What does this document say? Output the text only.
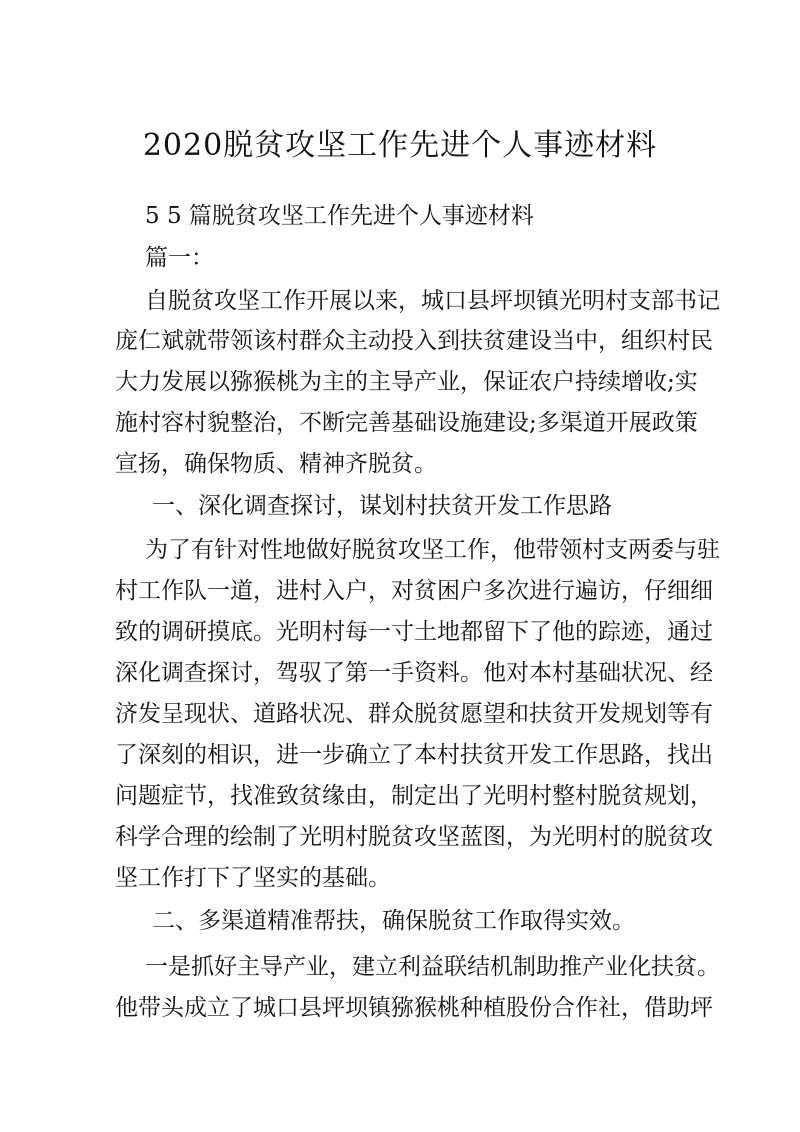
2020脱贫攻坚工作先进个人事迹材料
5 5 篇脱贫攻坚工作先进个人事迹材料
篇一：
自脱贫攻坚工作开展以来，城口县坪坝镇光明村支部书记
庞仁斌就带领该村群众主动投入到扶贫建设当中，组织村民
大力发展以猕猴桃为主的主导产业，保证农户持续增收;实
施村容村貌整治，不断完善基础设施建设;多渠道开展政策
宣扬，确保物质、精神齐脱贫。
一、深化调查探讨，谋划村扶贫开发工作思路
为了有针对性地做好脱贫攻坚工作，他带领村支两委与驻
村工作队一道，进村入户，对贫困户多次进行遍访，仔细细
致的调研摸底。光明村每一寸土地都留下了他的踪迹，通过
深化调查探讨，驾驭了第一手资料。他对本村基础状况、经
济发呈现状、道路状况、群众脱贫愿望和扶贫开发规划等有
了深刻的相识，进一步确立了本村扶贫开发工作思路，找出
问题症节，找准致贫缘由，制定出了光明村整村脱贫规划，
科学合理的绘制了光明村脱贫攻坚蓝图，为光明村的脱贫攻
坚工作打下了坚实的基础。
二、多渠道精准帮扶，确保脱贫工作取得实效。
一是抓好主导产业，建立利益联结机制助推产业化扶贫。
他带头成立了城口县坪坝镇猕猴桃种植股份合作社，借助坪
